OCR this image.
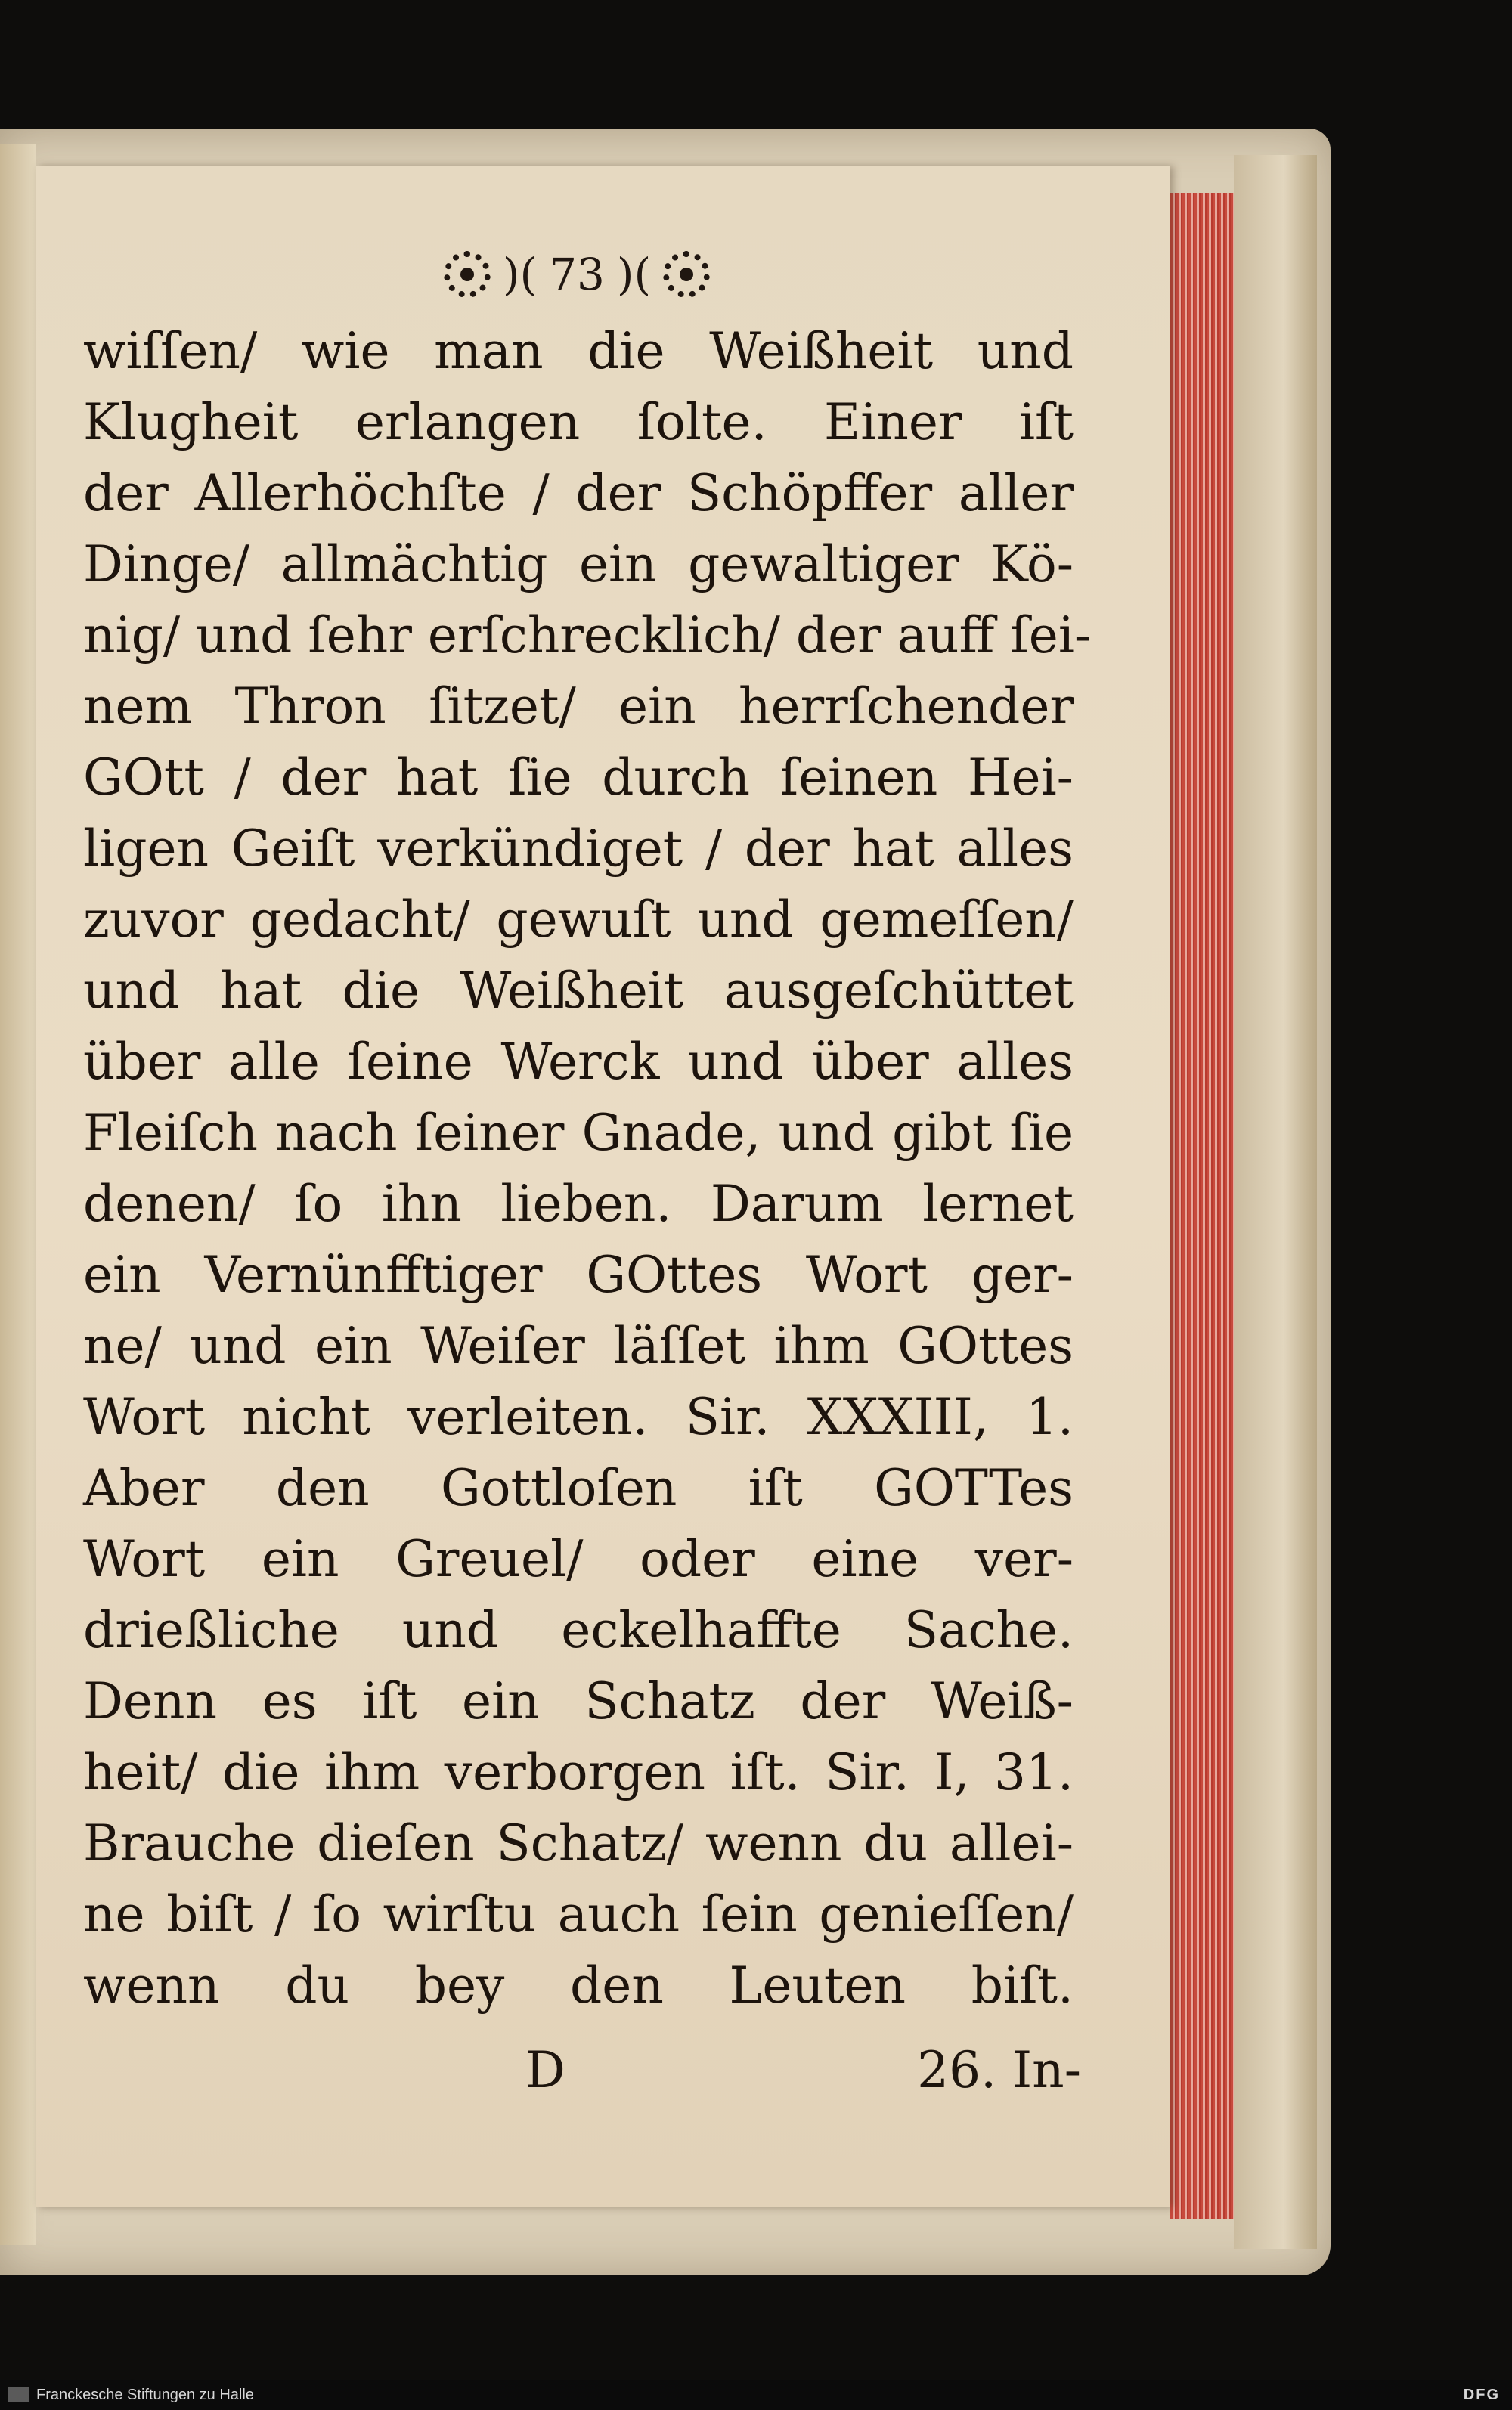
)( 73 )(
wiſſen/ wie man die Weißheit und
Klugheit erlangen ſolte. Einer iſt
der Allerhöchſte / der Schöpffer aller
Dinge/ allmächtig ein gewaltiger Kö-
nig/ und ſehr erſchrecklich/ der auff ſei-
nem Thron ſitzet/ ein herrſchender
GOtt / der hat ſie durch ſeinen Hei-
ligen Geiſt verkündiget / der hat alles
zuvor gedacht/ gewuſt und gemeſſen/
und hat die Weißheit ausgeſchüttet
über alle ſeine Werck und über alles
Fleiſch nach ſeiner Gnade, und gibt ſie
denen/ ſo ihn lieben. Darum lernet
ein Vernünfftiger GOttes Wort ger-
ne/ und ein Weiſer läſſet ihm GOttes
Wort nicht verleiten. Sir. XXXIII, 1.
Aber den Gottloſen iſt GOTTes
Wort ein Greuel/ oder eine ver-
drießliche und eckelhaffte Sache.
Denn es iſt ein Schatz der Weiß-
heit/ die ihm verborgen iſt. Sir. I, 31.
Brauche dieſen Schatz/ wenn du allei-
ne biſt / ſo wirſtu auch ſein genieſſen/
wenn du bey den Leuten biſt.
D	26. In-
Franckesche Stiftungen zu Halle	DFG
